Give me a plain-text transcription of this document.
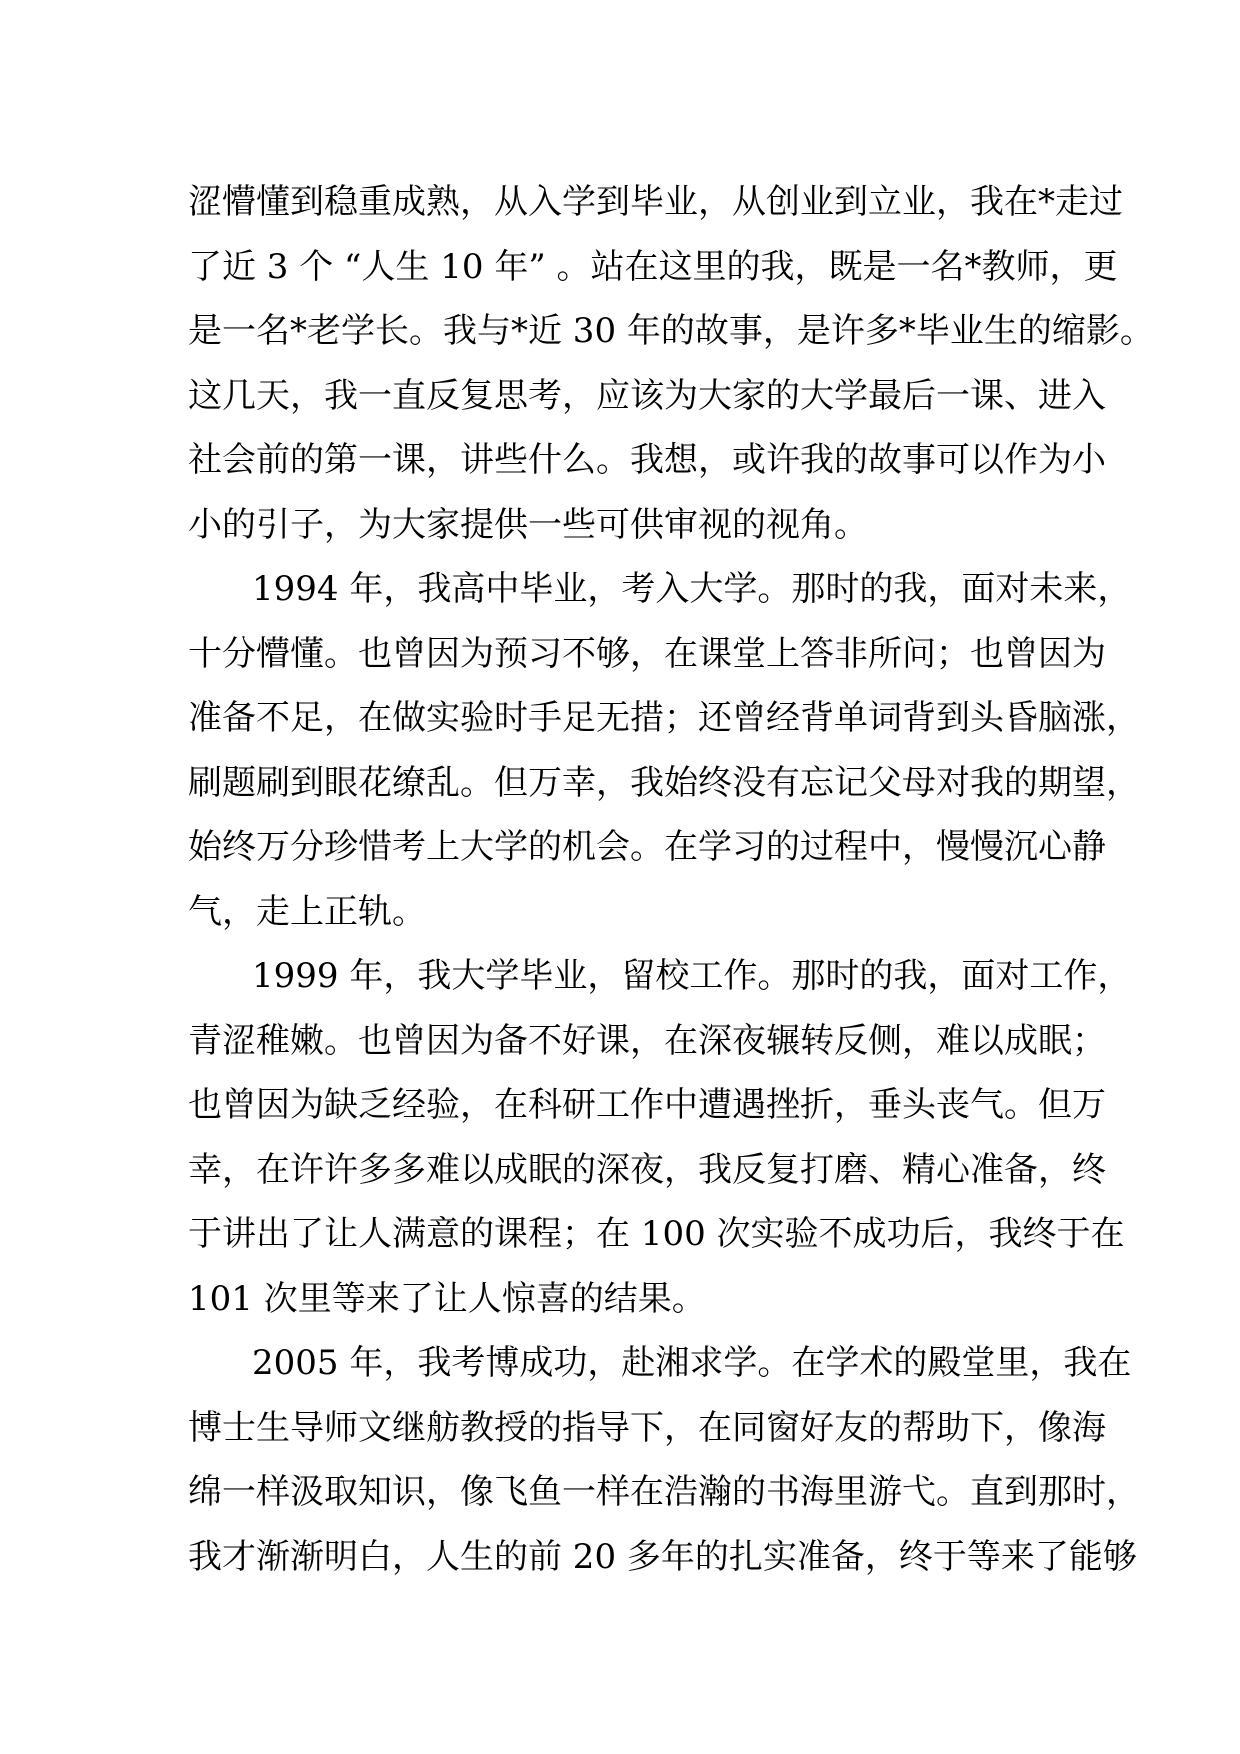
涩懵懂到稳重成熟，从入学到毕业，从创业到立业，我在*走过
了近 3 个 “人生 10 年” 。站在这里的我，既是一名*教师，更
是一名*老学长。我与*近 30 年的故事，是许多*毕业生的缩影。
这几天，我一直反复思考，应该为大家的大学最后一课、进入
社会前的第一课，讲些什么。我想，或许我的故事可以作为小
小的引子，为大家提供一些可供审视的视角。
1994 年，我高中毕业，考入大学。那时的我，面对未来，
十分懵懂。也曾因为预习不够，在课堂上答非所问；也曾因为
准备不足，在做实验时手足无措；还曾经背单词背到头昏脑涨，
刷题刷到眼花缭乱。但万幸，我始终没有忘记父母对我的期望，
始终万分珍惜考上大学的机会。在学习的过程中，慢慢沉心静
气，走上正轨。
1999 年，我大学毕业，留校工作。那时的我，面对工作，
青涩稚嫩。也曾因为备不好课，在深夜辗转反侧，难以成眠；
也曾因为缺乏经验，在科研工作中遭遇挫折，垂头丧气。但万
幸，在许许多多难以成眠的深夜，我反复打磨、精心准备，终
于讲出了让人满意的课程；在 100 次实验不成功后，我终于在
101 次里等来了让人惊喜的结果。
2005 年，我考博成功，赴湘求学。在学术的殿堂里，我在
博士生导师文继舫教授的指导下，在同窗好友的帮助下，像海
绵一样汲取知识，像飞鱼一样在浩瀚的书海里游弋。直到那时，
我才渐渐明白，人生的前 20 多年的扎实准备，终于等来了能够
